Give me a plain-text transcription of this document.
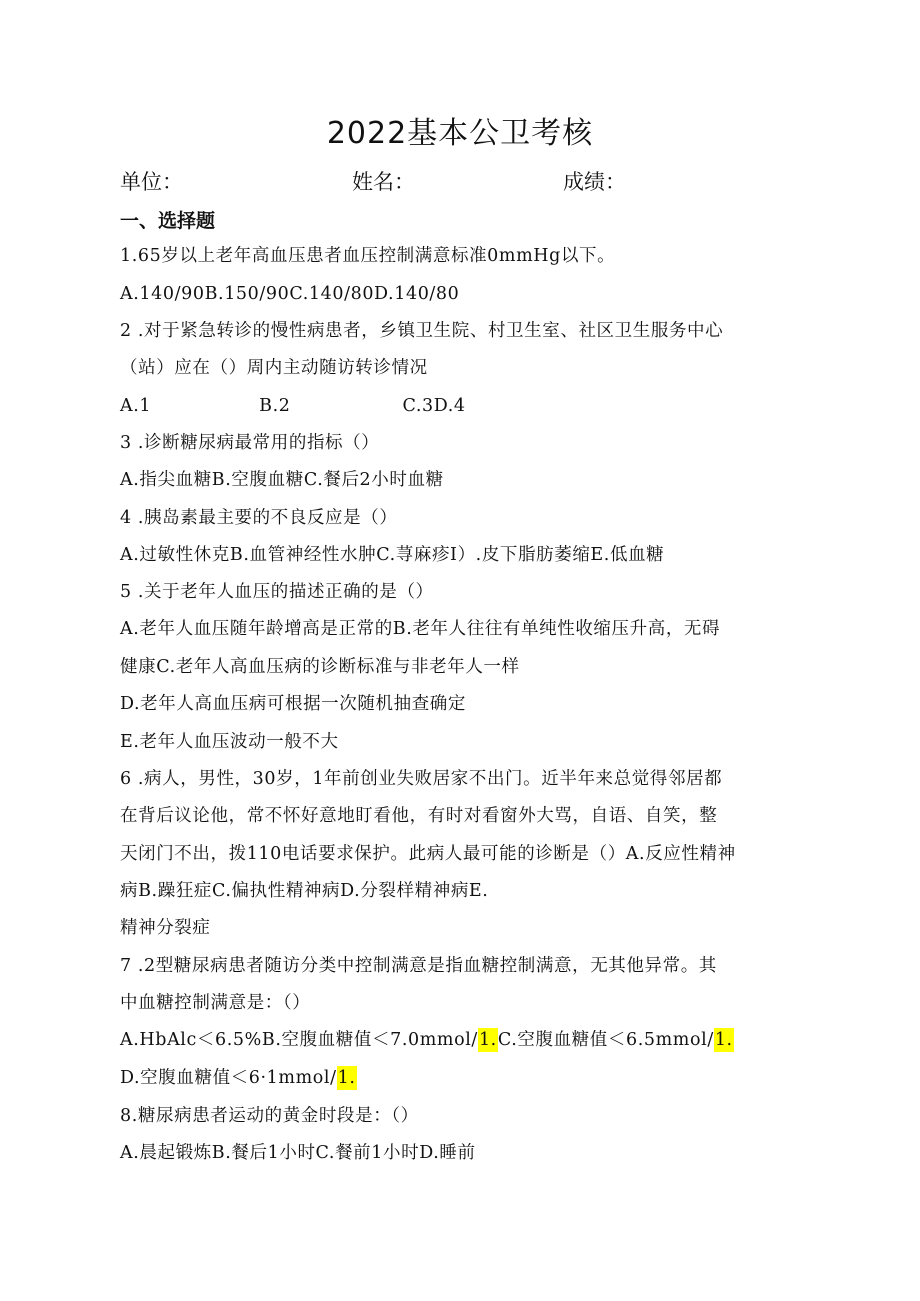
2022基本公卫考核
单位：	姓名：	成绩：
一、选择题
1.65岁以上老年高血压患者血压控制满意标准0mmHg以下。
A.140/90B.150/90C.140/80D.140/80
2 .对于紧急转诊的慢性病患者，乡镇卫生院、村卫生室、社区卫生服务中心
（站）应在（）周内主动随访转诊情况
A.1	B.2	C.3D.4
3 .诊断糖尿病最常用的指标（）
A.指尖血糖B.空腹血糖C.餐后2小时血糖
4 .胰岛素最主要的不良反应是（）
A.过敏性休克B.血管神经性水肿C.荨麻疹I）.皮下脂肪萎缩E.低血糖
5 .关于老年人血压的描述正确的是（）
A.老年人血压随年龄增高是正常的B.老年人往往有单纯性收缩压升高，无碍
健康C.老年人高血压病的诊断标准与非老年人一样
D.老年人高血压病可根据一次随机抽查确定
E.老年人血压波动一般不大
6 .病人，男性，30岁，1年前创业失败居家不出门。近半年来总觉得邻居都
在背后议论他，常不怀好意地盯看他，有时对看窗外大骂，自语、自笑，整
天闭门不出，拨110电话要求保护。此病人最可能的诊断是（）A.反应性精神
病B.躁狂症C.偏执性精神病D.分裂样精神病E.
精神分裂症
7 .2型糖尿病患者随访分类中控制满意是指血糖控制满意，无其他异常。其
中血糖控制满意是：（）
A.HbAlc＜6.5%B.空腹血糖值＜7.0mmol/1.C.空腹血糖值＜6.5mmol/1.
D.空腹血糖值＜6·1mmol/1.
8.糖尿病患者运动的黄金时段是：（）
A.晨起锻炼B.餐后1小时C.餐前1小时D.睡前
